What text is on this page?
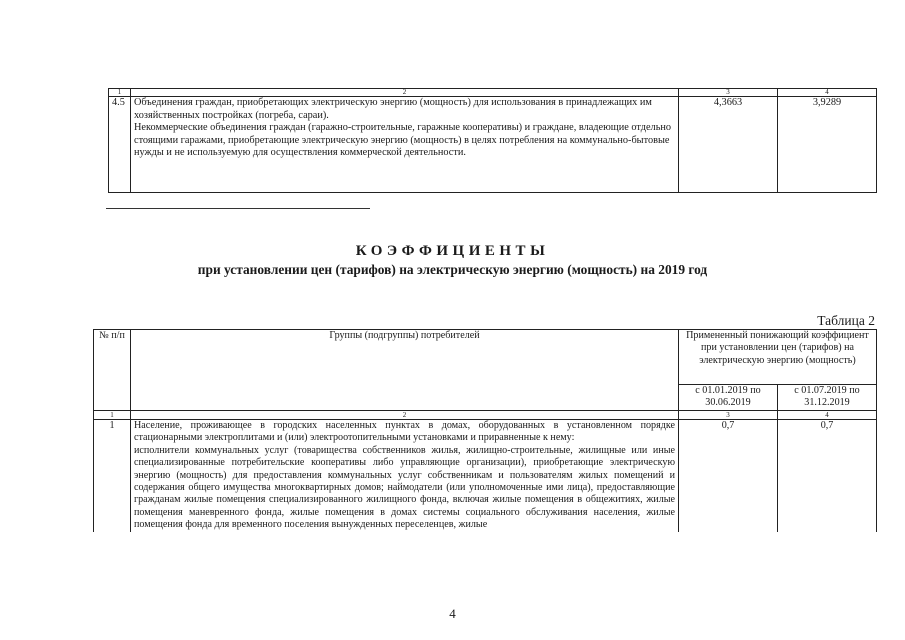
1	2	3	4
4.5	Объединения граждан, приобретающих электрическую энергию (мощность) для использования в принадлежащих им хозяйственных постройках (погреба, сараи).

Некоммерческие объединения граждан (гаражно-строительные, гаражные кооперативы) и граждане, владеющие отдельно стоящими гаражами, приобретающие электрическую энергию (мощность) в целях потребления на коммунально-бытовые нужды и не используемую для осуществления коммерческой деятельности.	4,3663	3,9289
КОЭФФИЦИЕНТЫ
при установлении цен (тарифов) на электрическую энергию (мощность) на 2019 год
Таблица 2
№ п/п	Группы (подгруппы) потребителей	Примененный понижающий коэффициент при установлении цен (тарифов) на электрическую энергию (мощность)	
		с 01.01.2019 по 30.06.2019	с 01.07.2019 по 31.12.2019
1	2	3	4
1	Население, проживающее в городских населенных пунктах в домах, оборудованных в установленном порядке стационарными электроплитами и (или) электроотопительными установками и приравненные к нему:

исполнители коммунальных услуг (товарищества собственников жилья, жилищно-строительные, жилищные или иные специализированные потребительские кооперативы либо управляющие организации), приобретающие электрическую энергию (мощность) для предоставления коммунальных услуг собственникам и пользователям жилых помещений и содержания общего имущества многоквартирных домов; наймодатели (или уполномоченные ими лица), предоставляющие гражданам жилые помещения специализированного жилищного фонда, включая жилые помещения в общежитиях, жилые помещения маневренного фонда, жилые помещения в домах системы социального обслуживания населения, жилые помещения фонда для временного поселения вынужденных переселенцев, жилые	0,7	0,7
4
